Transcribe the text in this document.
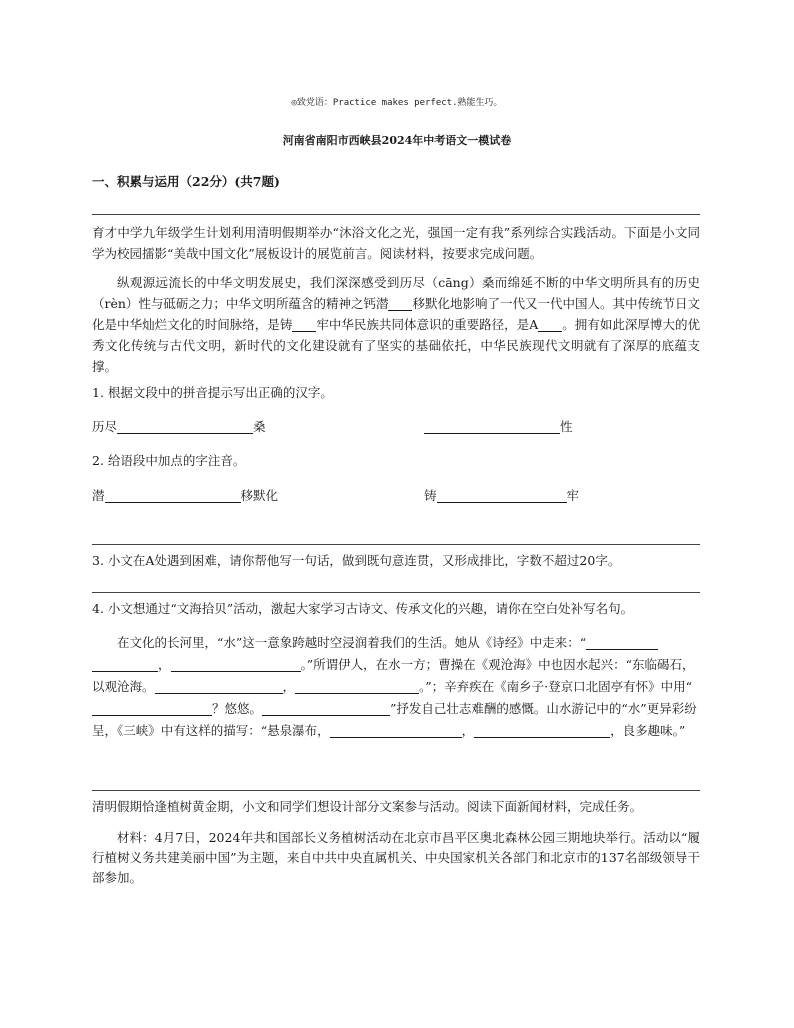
◎致党语：Practice makes perfect.熟能生巧。
河南省南阳市西峡县2024年中考语文一模试卷
一、积累与运用（22分）(共7题)

育才中学九年级学生计划利用清明假期举办“沐浴文化之光，强国一定有我”系列综合实践活动。下面是小文同学为校园擂影“美哉中国文化”展板设计的展览前言。阅读材料，按要求完成问题。

纵观源远流长的中华文明发展史，我们深深感受到历尽（cāng）桑而绵延不断的中华文明所具有的历史（rèn）性与砥砺之力；中华文明所蕴含的精神之钙潜 移默化地影响了一代又一代中国人。其中传统节日文化是中华灿烂文化的时间脉络，是铸 牢中华民族共同体意识的重要路径，是A 。拥有如此深厚博大的优秀文化传统与古代文明，新时代的文化建设就有了坚实的基础依托，中华民族现代文明就有了深厚的底蕴支撑。

1. 根据文段中的拼音提示写出正确的汉字。
历尽	桑	性
2. 给语段中加点的字注音。
潜	移默化	铸	牢
3. 小文在A处遇到困难，请你帮他写一句话，做到既句意连贯，又形成排比，字数不超过20字。
4. 小文想通过“文海拾贝”活动，激起大家学习古诗文、传承文化的兴趣，请你在空白处补写名句。

在文化的长河里，“水”这一意象跨越时空浸润着我们的生活。她从《诗经》中走来：“，	。”所谓伊人，在水一方；曹操在《观沧海》中也因水起兴：“东临碣石，以观沧海。	，	。”；辛弃疾在《南乡子·登京口北固亭有怀》中用“？悠悠。	”抒发自己壮志难酬的感慨。山水游记中的“水”更异彩纷呈，《三峡》中有这样的描写：“悬泉瀑布，	，	，良多趣味。”

清明假期恰逢植树黄金期，小文和同学们想设计部分文案参与活动。阅读下面新闻材料，完成任务。

材料：4月7日，2024年共和国部长义务植树活动在北京市昌平区奥北森林公园三期地块举行。活动以“履行植树义务共建美丽中国”为主题，来自中共中央直属机关、中央国家机关各部门和北京市的137名部级领导干部参加。
